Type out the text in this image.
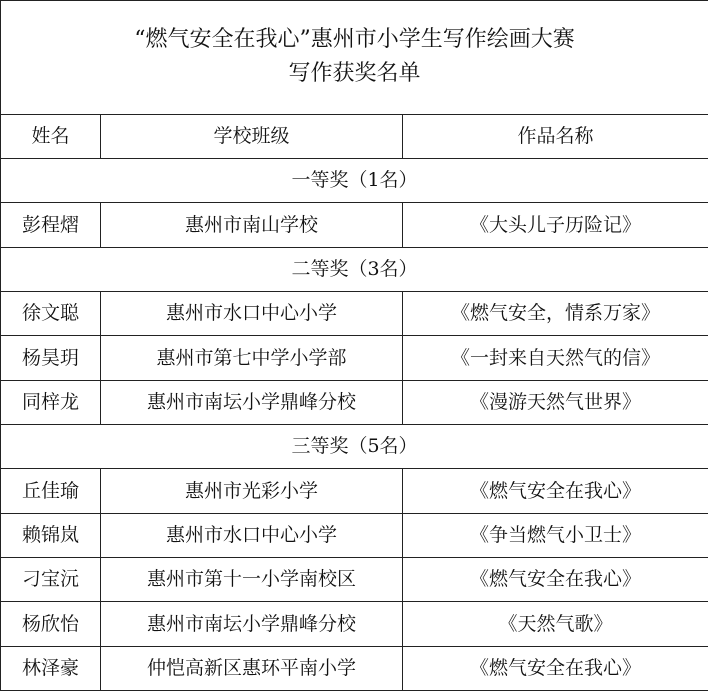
“燃气安全在我心”惠州市小学生写作绘画大赛
写作获奖名单		

姓名	学校班级	作品名称
一等奖（1名）		
彭程熠	惠州市南山学校	《大头儿子历险记》
二等奖（3名）		
徐文聪	惠州市水口中心小学	《燃气安全，情系万家》
杨昊玥	惠州市第七中学小学部	《一封来自天然气的信》
同梓龙	惠州市南坛小学鼎峰分校	《漫游天然气世界》
三等奖（5名）		
丘佳瑜	惠州市光彩小学	《燃气安全在我心》
赖锦岚	惠州市水口中心小学	《争当燃气小卫士》
刁宝沅	惠州市第十一小学南校区	《燃气安全在我心》
杨欣怡	惠州市南坛小学鼎峰分校	《天然气歌》
林泽豪	仲恺高新区惠环平南小学	《燃气安全在我心》
